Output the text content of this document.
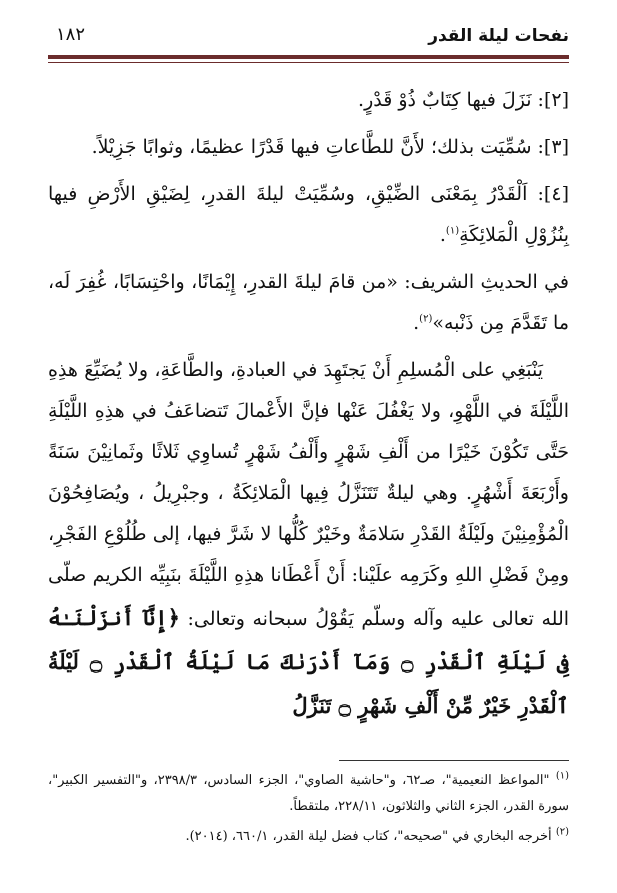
نفحات ليلة القدر
١٨٢

[٢]: نَزَلَ فيها كِتَابٌ ذُوْ قَدْرٍ.

[٣]: سُمِّيَت بذلك؛ لأَنَّ للطَّاعاتِ فيها قَدْرًا عظيمًا، وثوابًا جَزِيْلاً.

[٤]: اَلْقَدْرُ بِمَعْنَى الضِّيْقِ، وسُمِّيَتْ ليلةَ القدرِ، لِضَيْقِ الأَرْضِ فيها بِنُزُوْلِ الْمَلائِكَةِ$^{(١)}$.

في الحديثِ الشريف: «من قامَ ليلةَ القدرِ، إِيْمَانًا، واحْتِسَابًا، غُفِرَ لَه، ما تَقَدَّمَ مِن ذَنْبه»$^{(٢)}$.

يَنْبَغِي على الْمُسلِمِ أَنْ يَجتَهِدَ في العبادةِ، والطَّاعَةِ، ولا يُضَيِّعَ هذِهِ اللَّيْلَةَ في اللَّهْوِ، ولا يَغْفُلَ عَنْها فإنَّ الأَعْمالَ تَتضاعَفُ في هذِهِ اللَّيْلَةِ حَتَّى تَكُوْنَ خَيْرًا من أَلْفِ شَهْرٍ وأَلْفُ شَهْرٍ تُساوِي ثَلاثًا وثَمانِيْنَ سَنَةً وأَرْبَعَةَ أَشْهُرٍ. وهي ليلةٌ تَتَنَزَّلُ فِيها الْمَلائِكَةُ ، وجبْرِيلُ ، ويُصَافِحُوْنَ الْمُؤْمِنِيْنَ ولَيْلَةُ القَدْرِ سَلامَةٌ وخَيْرٌ كُلُّها لا شَرَّ فيها، إلى طُلُوْعِ الفَجْرِ، ومِنْ فَضْلِ اللهِ وكَرَمِه علَيْنا: أَنْ أَعْطَانا هذِهِ اللَّيْلَةَ بنَبِيِّه الكريم صلّى الله تعالى عليه وآله وسلّم يَقُوْلُ سبحانه وتعالى: ﴿إِنَّآ أَنزَلْنَـٰهُ فِى لَيْلَةِ ٱلْقَدْرِ ۝ وَمَآ أَدْرَىٰكَ مَا لَيْلَةُ ٱلْقَدْرِ ۝ لَيْلَةُ ٱلْقَدْرِ خَيْرٌ مِّنْ أَلْفِ شَهْرٍ ۝ تَنَزَّلُ

$^{(١)}$ "المواعظ النعيمية"، صـ٦٢، و"حاشية الصاوي"، الجزء السادس، ٢٣٩٨/٣، و"التفسير الكبير"، سورة القدر، الجزء الثاني والثلاثون، ٢٢٨/١١، ملتقطاً.

$^{(٢)}$ أخرجه البخاري في "صحيحه"، كتاب فضل ليلة القدر، ٦٦٠/١، (٢٠١٤).
